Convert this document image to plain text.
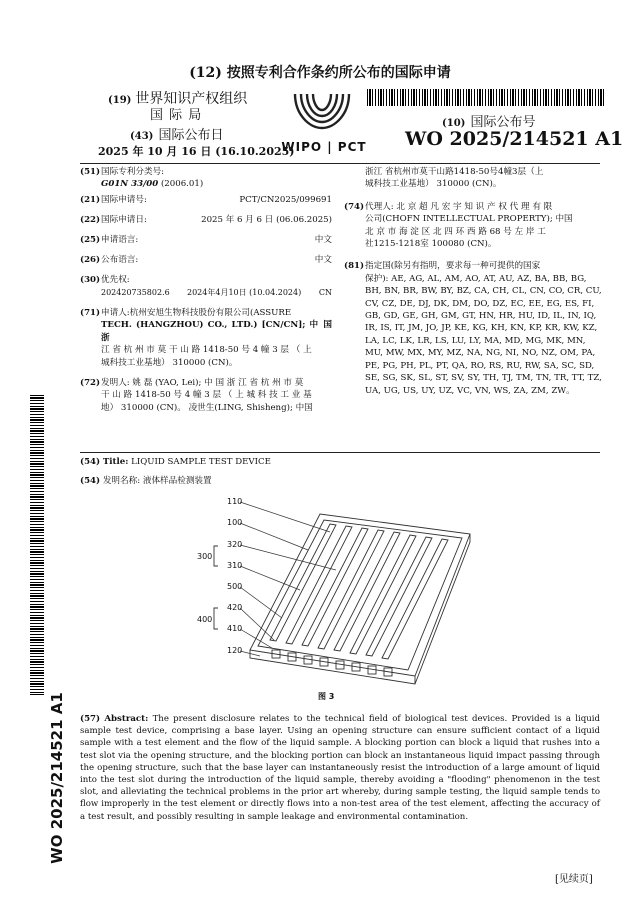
(12) 按照专利合作条约所公布的国际申请
(19) 世界知识产权组织
国 际 局
(43) 国际公布日
2025 年 10 月 16 日 (16.10.2025)
WIPO | PCT
(10) 国际公布号
WO 2025/214521 A1
(51) 国际专利分类号:
G01N 33/00 (2006.01)
(21) 国际申请号:	PCT/CN2025/099691
(22) 国际申请日:	2025 年 6 月 6 日 (06.06.2025)
(25) 申请语言:	中文
(26) 公布语言:	中文
(30) 优先权:
202420735802.6 2024年4月10日 (10.04.2024) CN
(71) 申请人:杭州安旭生物科技股份有限公司(ASSURE
TECH. (HANGZHOU) CO., LTD.) [CN/CN]; 中 国 浙
江 省 杭 州 市 莫 干 山 路 1418-50 号 4 幢 3 层 （ 上
城科技工业基地） 310000 (CN)。
(72) 发明人: 姚 磊 (YAO, Lei); 中 国 浙 江 省 杭 州 市 莫
干 山 路 1418-50 号 4 幢 3 层 （ 上 城 科 技 工 业 基
地） 310000 (CN)。 凌世生(LING, Shisheng); 中国
浙江 省杭州市莫干山路1418-50号4幢3层（上
城科技工业基地） 310000 (CN)。
(74) 代理人: 北 京 超 凡 宏 宇 知 识 产 权 代 理 有 限
公司(CHOFN INTELLECTUAL PROPERTY); 中国
北 京 市 海 淀 区 北 四 环 西 路 68 号 左 岸 工
社1215-1218室 100080 (CN)。
(81) 指定国(除另有指明，要求每一种可提供的国家
保护): AE, AG, AL, AM, AO, AT, AU, AZ, BA, BB, BG,
BH, BN, BR, BW, BY, BZ, CA, CH, CL, CN, CO, CR, CU,
CV, CZ, DE, DJ, DK, DM, DO, DZ, EC, EE, EG, ES, FI,
GB, GD, GE, GH, GM, GT, HN, HR, HU, ID, IL, IN, IQ,
IR, IS, IT, JM, JO, JP, KE, KG, KH, KN, KP, KR, KW, KZ,
LA, LC, LK, LR, LS, LU, LY, MA, MD, MG, MK, MN,
MU, MW, MX, MY, MZ, NA, NG, NI, NO, NZ, OM, PA,
PE, PG, PH, PL, PT, QA, RO, RS, RU, RW, SA, SC, SD,
SE, SG, SK, SL, ST, SV, SY, TH, TJ, TM, TN, TR, TT, TZ,
UA, UG, US, UY, UZ, VC, VN, WS, ZA, ZM, ZW。
(54) Title: LIQUID SAMPLE TEST DEVICE
(54) 发明名称: 液体样品检测装置
110
100
320
310
500
420
410
120
300
400
图 3
(57) Abstract: The present disclosure relates to the technical field of biological test devices. Provided is a liquid sample test device, comprising a base layer. Using an opening structure can ensure sufficient contact of a liquid sample with a test element and the flow of the liquid sample. A blocking portion can block a liquid that rushes into a test slot via the opening structure, and the blocking portion can block an instantaneous liquid impact passing through the opening structure, such that the base layer can instantaneously resist the introduction of a large amount of liquid into the test slot during the introduction of the liquid sample, thereby avoiding a "flooding" phenomenon in the test slot, and alleviating the technical problems in the prior art whereby, during sample testing, the liquid sample tends to flow improperly in the test element or directly flows into a non-test area of the test element, affecting the accuracy of a test result, and possibly resulting in sample leakage and environmental contamination.
WO 2025/214521 A1
[见续页]
